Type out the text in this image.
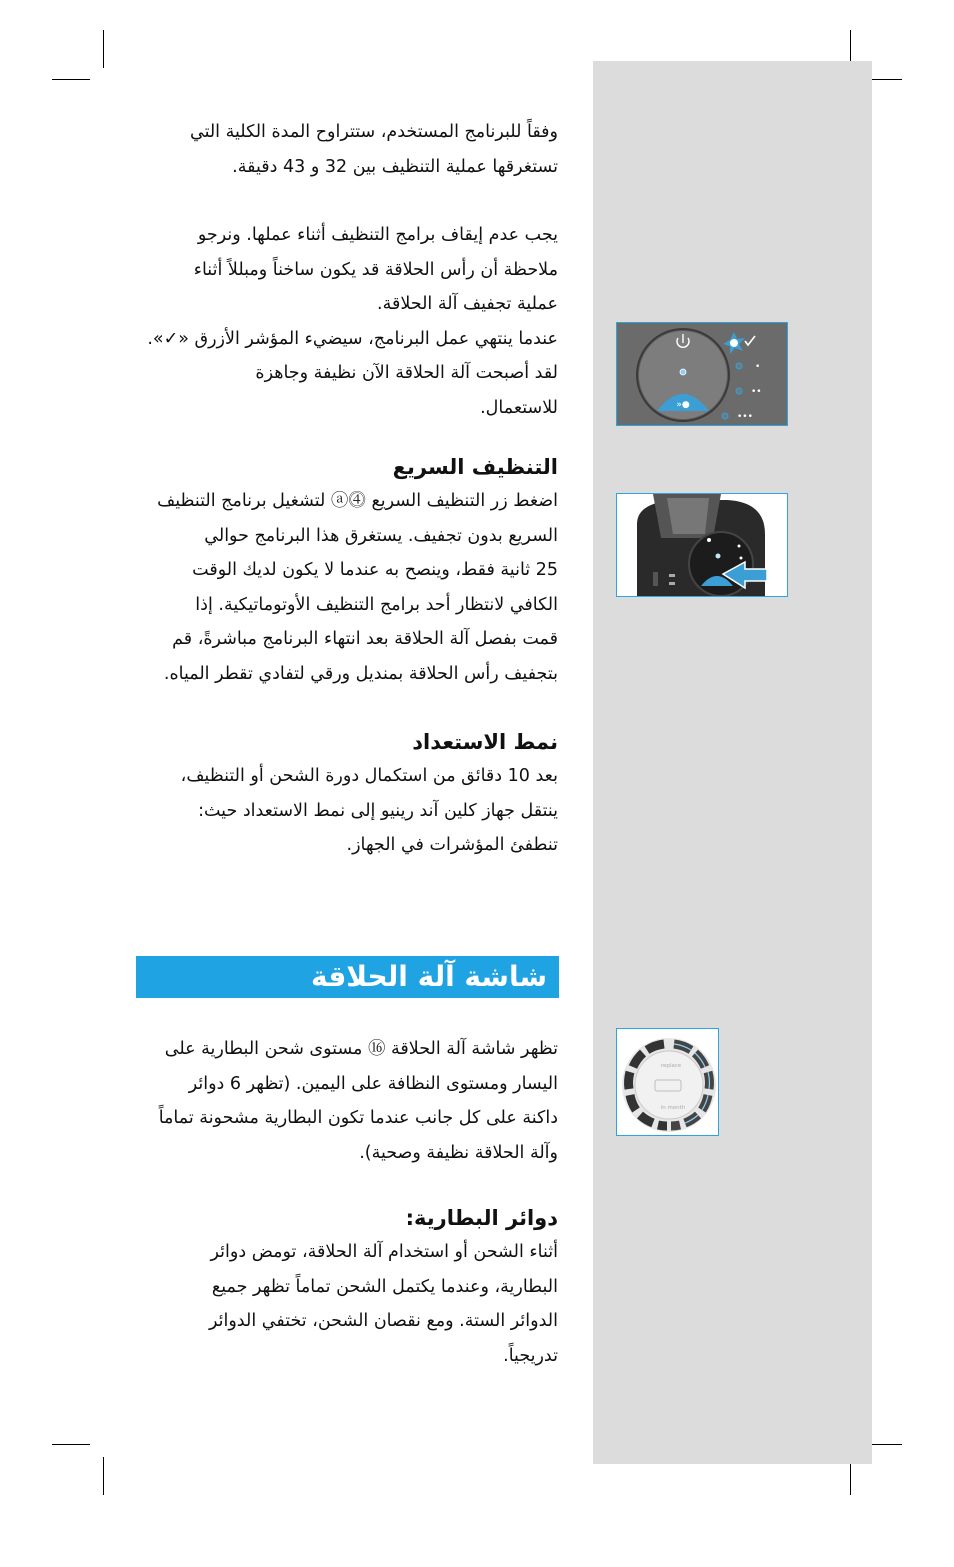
وفقاً للبرنامج المستخدم، ستتراوح المدة الكلية التي

تستغرقها عملية التنظيف بين 32 و 43 دقيقة.

يجب عدم إيقاف برامج التنظيف أثناء عملها. ونرجو

ملاحظة أن رأس الحلاقة قد يكون ساخناً ومبللاً أثناء

عملية تجفيف آلة الحلاقة.

عندما ينتهي عمل البرنامج، سيضيء المؤشر الأزرق «✓».

لقد أصبحت آلة الحلاقة الآن نظيفة وجاهزة

للاستعمال.

التنظيف السريع

اضغط زر التنظيف السريع ⓸ⓐ لتشغيل برنامج التنظيف

السريع بدون تجفيف. يستغرق هذا البرنامج حوالي

25 ثانية فقط، وينصح به عندما لا يكون لديك الوقت

الكافي لانتظار أحد برامج التنظيف الأوتوماتيكية. إذا

قمت بفصل آلة الحلاقة بعد انتهاء البرنامج مباشرةً، قم

بتجفيف رأس الحلاقة بمنديل ورقي لتفادي تقطر المياه.

نمط الاستعداد

بعد 10 دقائق من استكمال دورة الشحن أو التنظيف،

ينتقل جهاز كلين آند رينيو إلى نمط الاستعداد حيث:

تنطفئ المؤشرات في الجهاز.

شاشة آلة الحلاقة

تظهر شاشة آلة الحلاقة ⑯ مستوى شحن البطارية على

اليسار ومستوى النظافة على اليمين. (تظهر 6 دوائر

داكنة على كل جانب عندما تكون البطارية مشحونة تماماً

وآلة الحلاقة نظيفة وصحية).

دوائر البطارية:

أثناء الشحن أو استخدام آلة الحلاقة، تومض دوائر

البطارية، وعندما يكتمل الشحن تماماً تظهر جميع

الدوائر الستة. ومع نقصان الشحن، تختفي الدوائر

تدريجياً.

»●
•
••
•••
replace
in month
